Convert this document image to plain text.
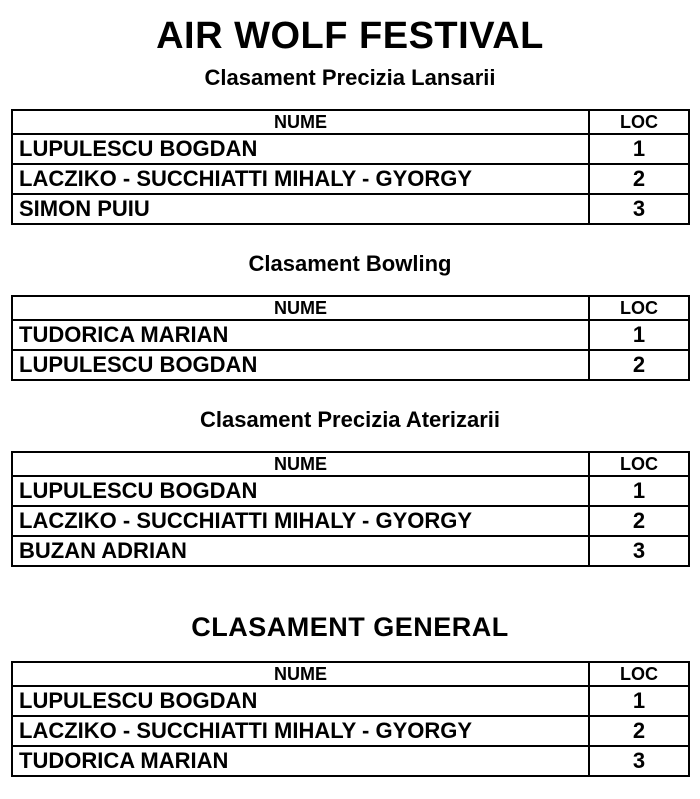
AIR WOLF FESTIVAL
Clasament Precizia Lansarii
NUME	LOC
LUPULESCU BOGDAN	1
LACZIKO - SUCCHIATTI MIHALY - GYORGY	2
SIMON PUIU	3
Clasament Bowling
NUME	LOC
TUDORICA MARIAN	1
LUPULESCU BOGDAN	2
Clasament Precizia Aterizarii
NUME	LOC
LUPULESCU BOGDAN	1
LACZIKO - SUCCHIATTI MIHALY - GYORGY	2
BUZAN ADRIAN	3
CLASAMENT GENERAL
NUME	LOC
LUPULESCU BOGDAN	1
LACZIKO - SUCCHIATTI MIHALY - GYORGY	2
TUDORICA MARIAN	3
